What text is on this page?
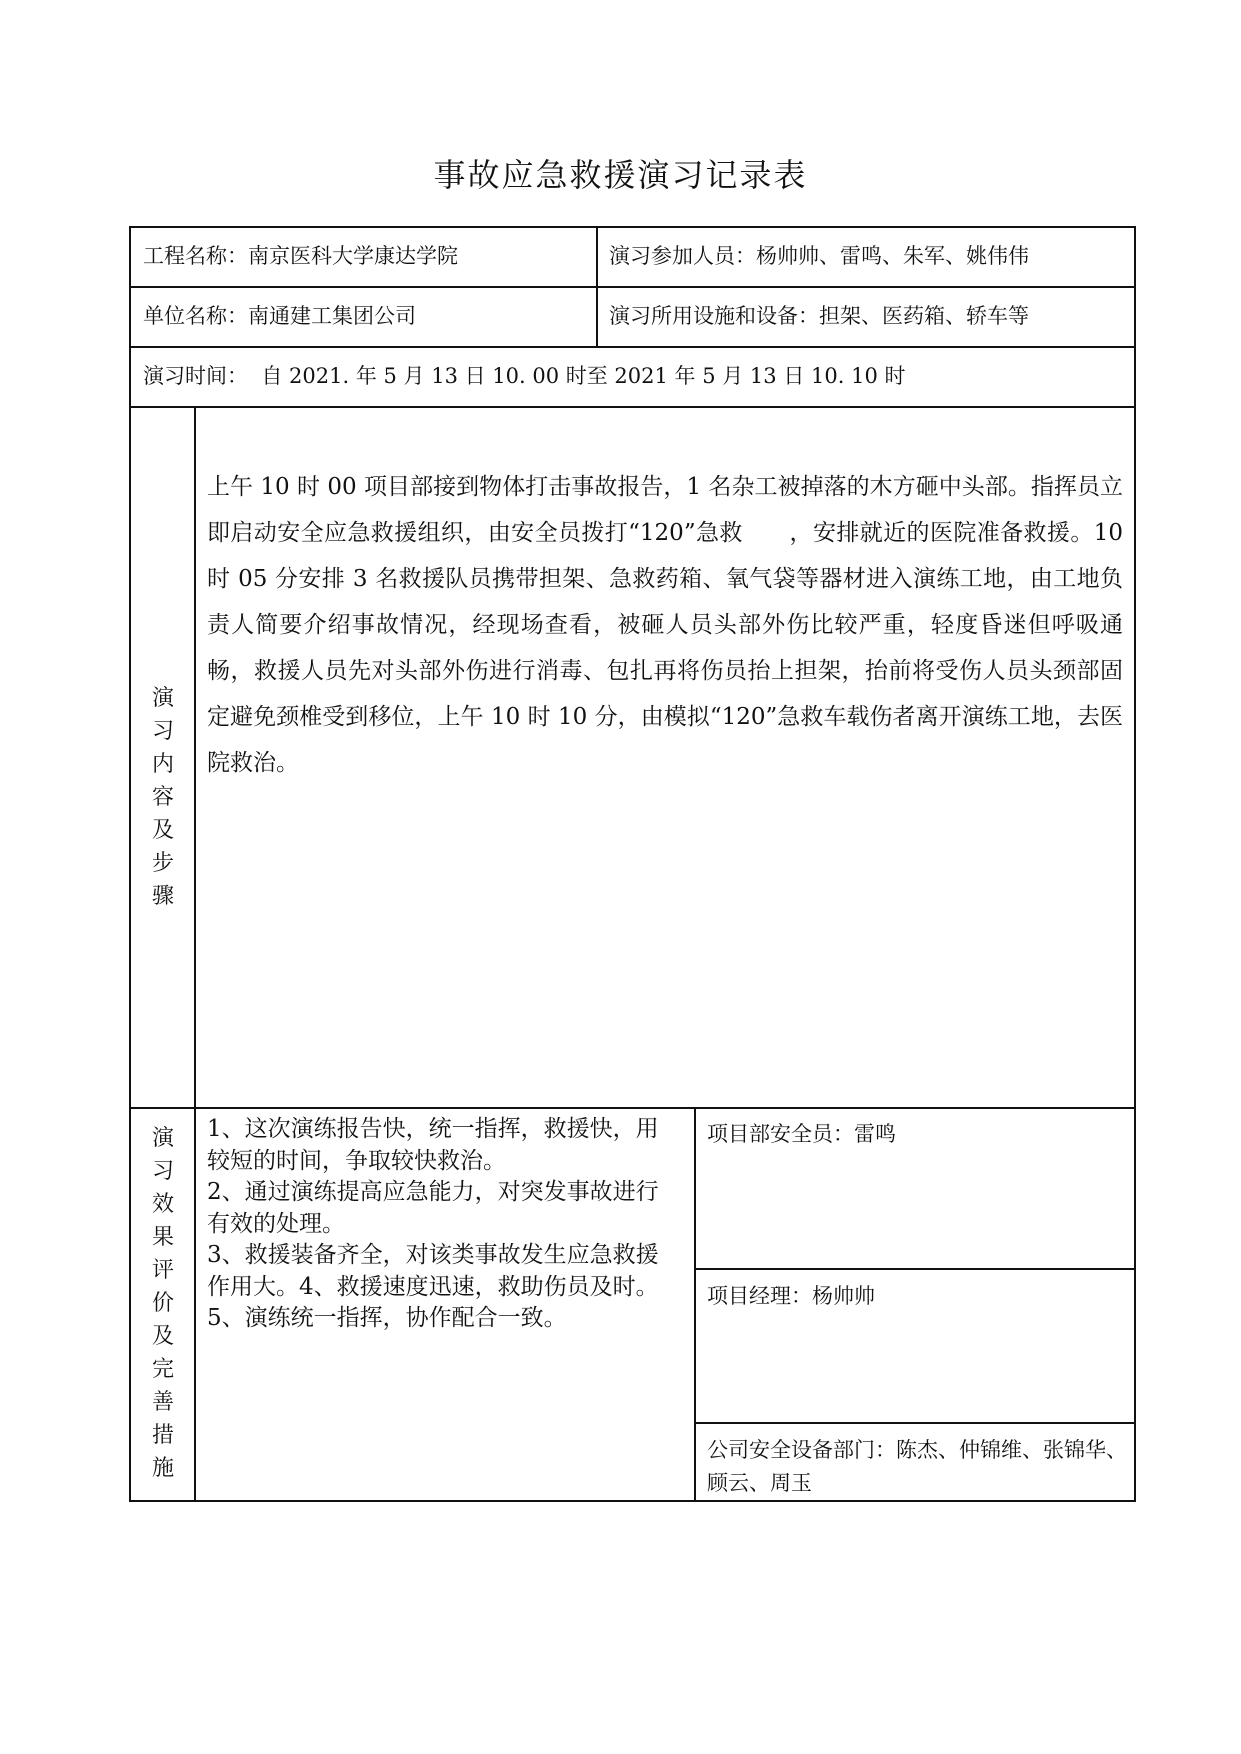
事故应急救援演习记录表
工程名称：南京医科大学康达学院	演习参加人员：杨帅帅、雷鸣、朱军、姚伟伟
单位名称：南通建工集团公司	演习所用设施和设备：担架、医药箱、轿车等
演习时间： 自 2021. 年 5 月 13 日 10. 00 时至 2021 年 5 月 13 日 10. 10 时
演
习
内
容
及
步
骤
上午 10 时 00 项目部接到物体打击事故报告，1 名杂工被掉落的木方砸中头部。指挥员立即启动安全应急救援组织，由安全员拨打“120”急救　　，安排就近的医院准备救援。10 时 05 分安排 3 名救援队员携带担架、急救药箱、氧气袋等器材进入演练工地，由工地负责人简要介绍事故情况，经现场查看，被砸人员头部外伤比较严重，轻度昏迷但呼吸通畅，救援人员先对头部外伤进行消毒、包扎再将伤员抬上担架，抬前将受伤人员头颈部固定避免颈椎受到移位，上午 10 时 10 分，由模拟“120”急救车载伤者离开演练工地，去医院救治。
演
习
效
果
评
价
及
完
善
措
施
1、这次演练报告快，统一指挥，救援快，用
较短的时间，争取较快救治。
2、通过演练提高应急能力，对突发事故进行
有效的处理。
3、救援装备齐全，对该类事故发生应急救援
作用大。4、救援速度迅速，救助伤员及时。
5、演练统一指挥，协作配合一致。
项目部安全员：雷鸣
项目经理：杨帅帅
公司安全设备部门：陈杰、仲锦维、张锦华、顾云、周玉
